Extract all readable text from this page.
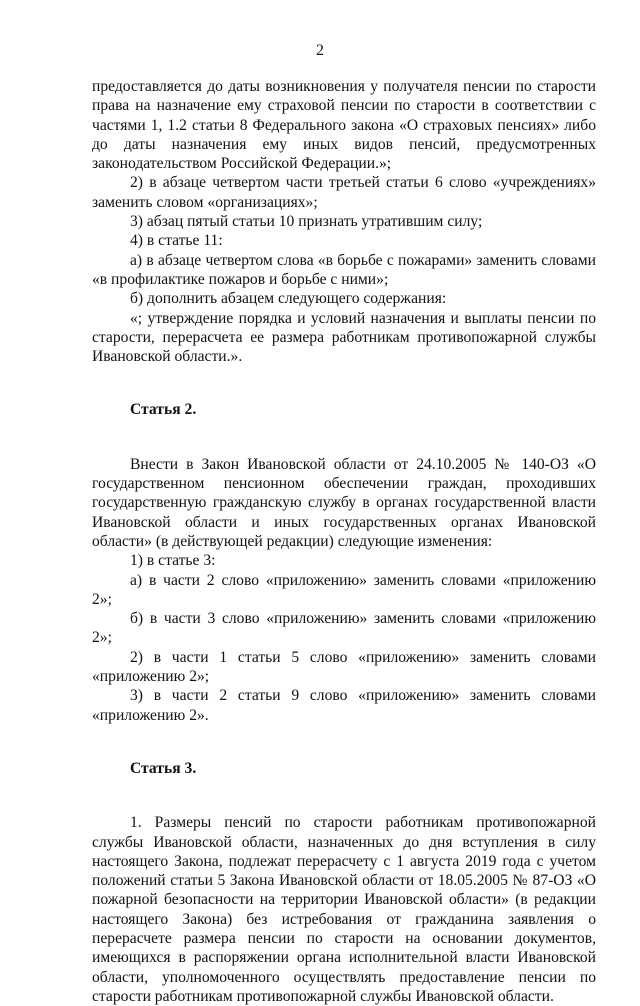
2

предоставляется до даты возникновения у получателя пенсии по старости права на назначение ему страховой пенсии по старости в соответствии с частями 1, 1.2 статьи 8 Федерального закона «О страховых пенсиях» либо до даты назначения ему иных видов пенсий, предусмотренных законодательством Российской Федерации.»;

2) в абзаце четвертом части третьей статьи 6 слово «учреждениях» заменить словом «организациях»;

3) абзац пятый статьи 10 признать утратившим силу;

4) в статье 11:

а) в абзаце четвертом слова «в борьбе с пожарами» заменить словами «в профилактике пожаров и борьбе с ними»;

б) дополнить абзацем следующего содержания:

«; утверждение порядка и условий назначения и выплаты пенсии по старости, перерасчета ее размера работникам противопожарной службы Ивановской области.».

Статья 2.

Внести в Закон Ивановской области от 24.10.2005 № 140-ОЗ «О государственном пенсионном обеспечении граждан, проходивших государственную гражданскую службу в органах государственной власти Ивановской области и иных государственных органах Ивановской области» (в действующей редакции) следующие изменения:

1) в статье 3:

а) в части 2 слово «приложению» заменить словами «приложению 2»;

б) в части 3 слово «приложению» заменить словами «приложению 2»;

2) в части 1 статьи 5 слово «приложению» заменить словами «приложению 2»;

3) в части 2 статьи 9 слово «приложению» заменить словами «приложению 2».

Статья 3.

1. Размеры пенсий по старости работникам противопожарной службы Ивановской области, назначенных до дня вступления в силу настоящего Закона, подлежат перерасчету с 1 августа 2019 года с учетом положений статьи 5 Закона Ивановской области от 18.05.2005 № 87-ОЗ «О пожарной безопасности на территории Ивановской области» (в редакции настоящего Закона) без истребования от гражданина заявления о перерасчете размера пенсии по старости на основании документов, имеющихся в распоряжении органа исполнительной власти Ивановской области, уполномоченного осуществлять предоставление пенсии по старости работникам противопожарной службы Ивановской области.
